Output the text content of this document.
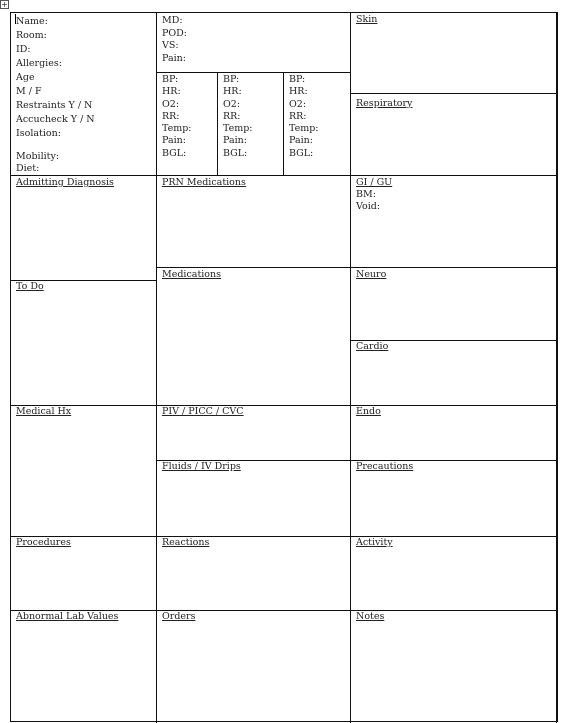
+
Name:
Room:
ID:
Allergies:
Age
M / F
Restraints Y / N
Accucheck Y / N
Isolation:
Mobility:
Diet:
MD:
POD:
VS:
Pain:
BP:
HR:
O2:
RR:
Temp:
Pain:
BGL:
BP:
HR:
O2:
RR:
Temp:
Pain:
BGL:
BP:
HR:
O2:
RR:
Temp:
Pain:
BGL:
Skin
Respiratory
GI / GU
BM:
Void:
Neuro
Cardio
Endo
Precautions
Activity
Notes
Admitting Diagnosis
To Do
Medical Hx
Procedures
Abnormal Lab Values
PRN Medications
Medications
PIV / PICC / CVC
Fluids / IV Drips
Reactions
Orders
